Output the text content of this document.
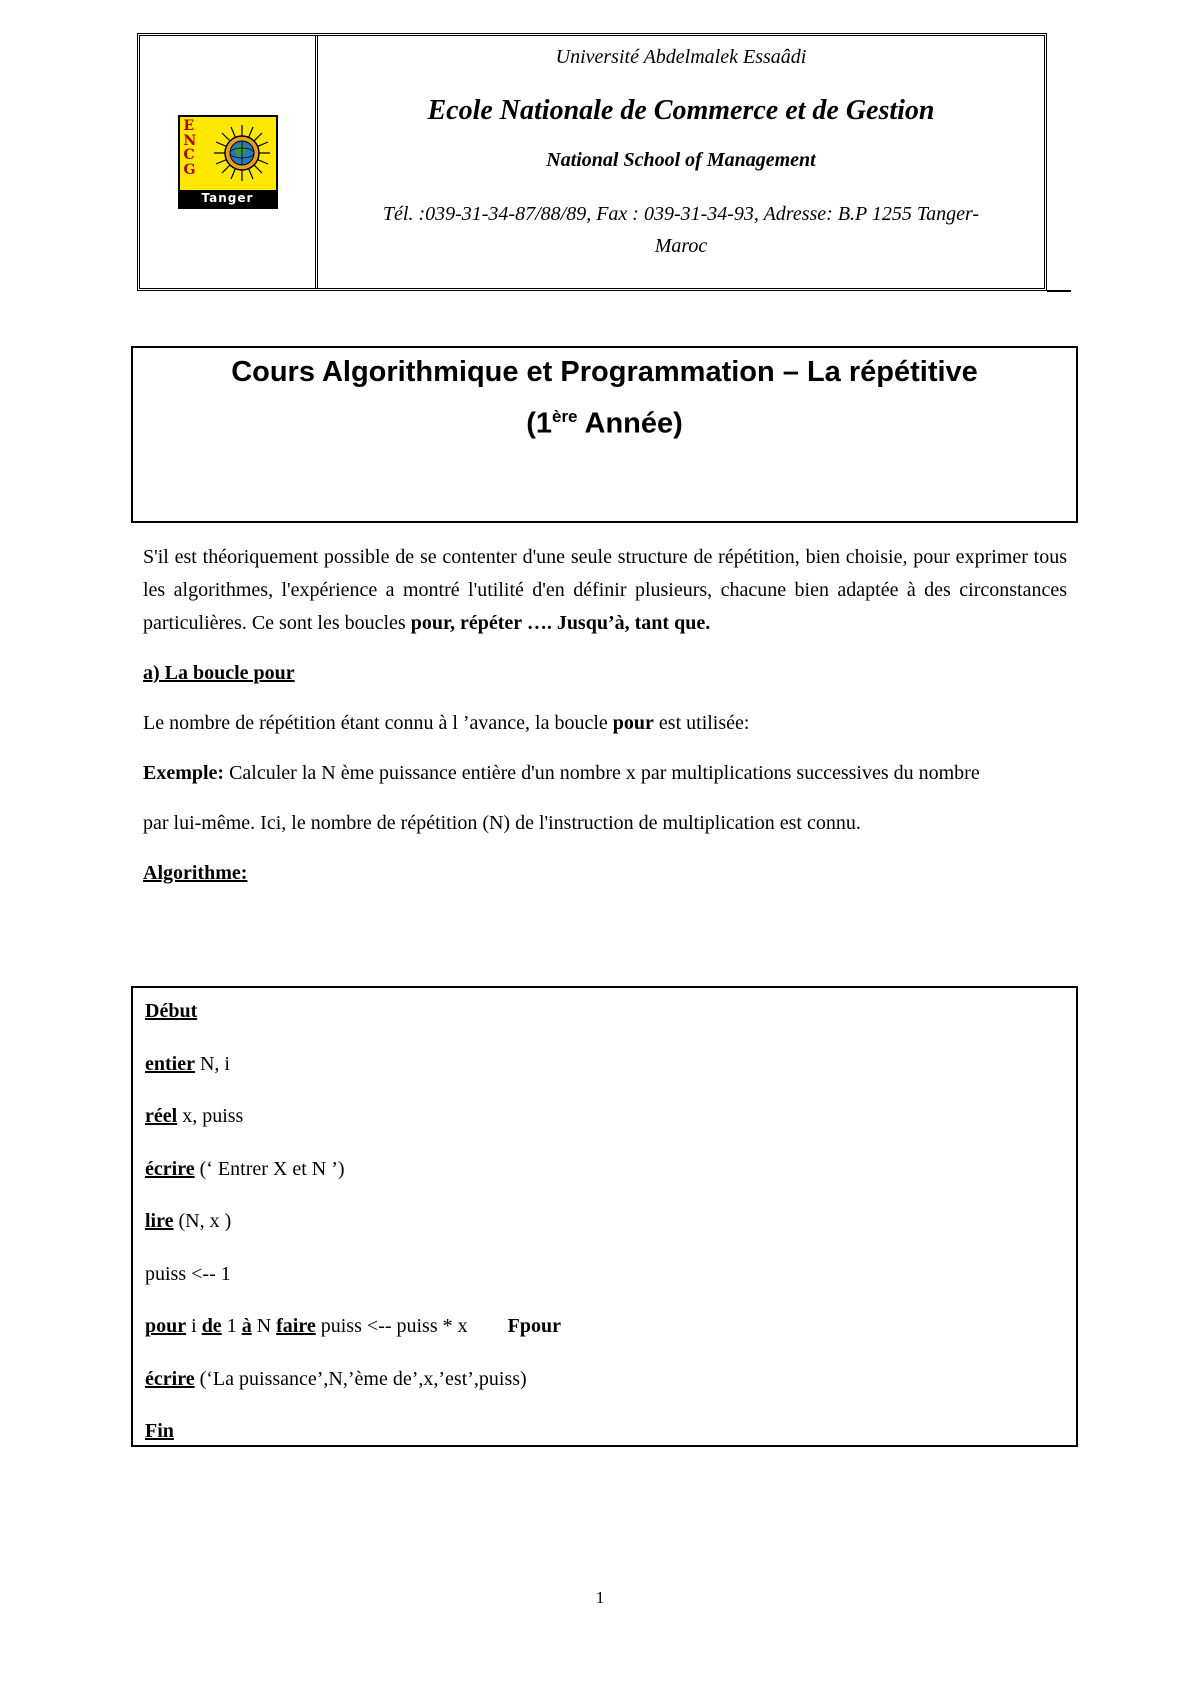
E
N
C
G
Tanger
Université Abdelmalek Essaâdi
Ecole Nationale de Commerce et de Gestion
National School of Management
Tél. :039-31-34-87/88/89, Fax : 039-31-34-93, Adresse: B.P 1255 Tanger-
Maroc
Cours Algorithmique et Programmation – La répétitive
(1ère Année)

S'il est théoriquement possible de se contenter d'une seule structure de répétition, bien choisie, pour exprimer tous les algorithmes, l'expérience a montré l'utilité d'en définir plusieurs, chacune bien adaptée à des circonstances particulières. Ce sont les boucles pour, répéter …. Jusqu’à, tant que.

a) La boucle pour
Le nombre de répétition étant connu à l ’avance, la boucle pour est utilisée:
Exemple: Calculer la N ème puissance entière d'un nombre x par multiplications successives du nombre
par lui-même. Ici, le nombre de répétition (N) de l'instruction de multiplication est connu.
Algorithme:
Début
entier N, i
réel x, puiss
écrire (‘ Entrer X et N ’)
lire (N, x )
puiss <-- 1
pour i de 1 à N faire puiss <-- puiss * x        Fpour
écrire (‘La puissance’,N,’ème de’,x,’est’,puiss)
Fin
1
